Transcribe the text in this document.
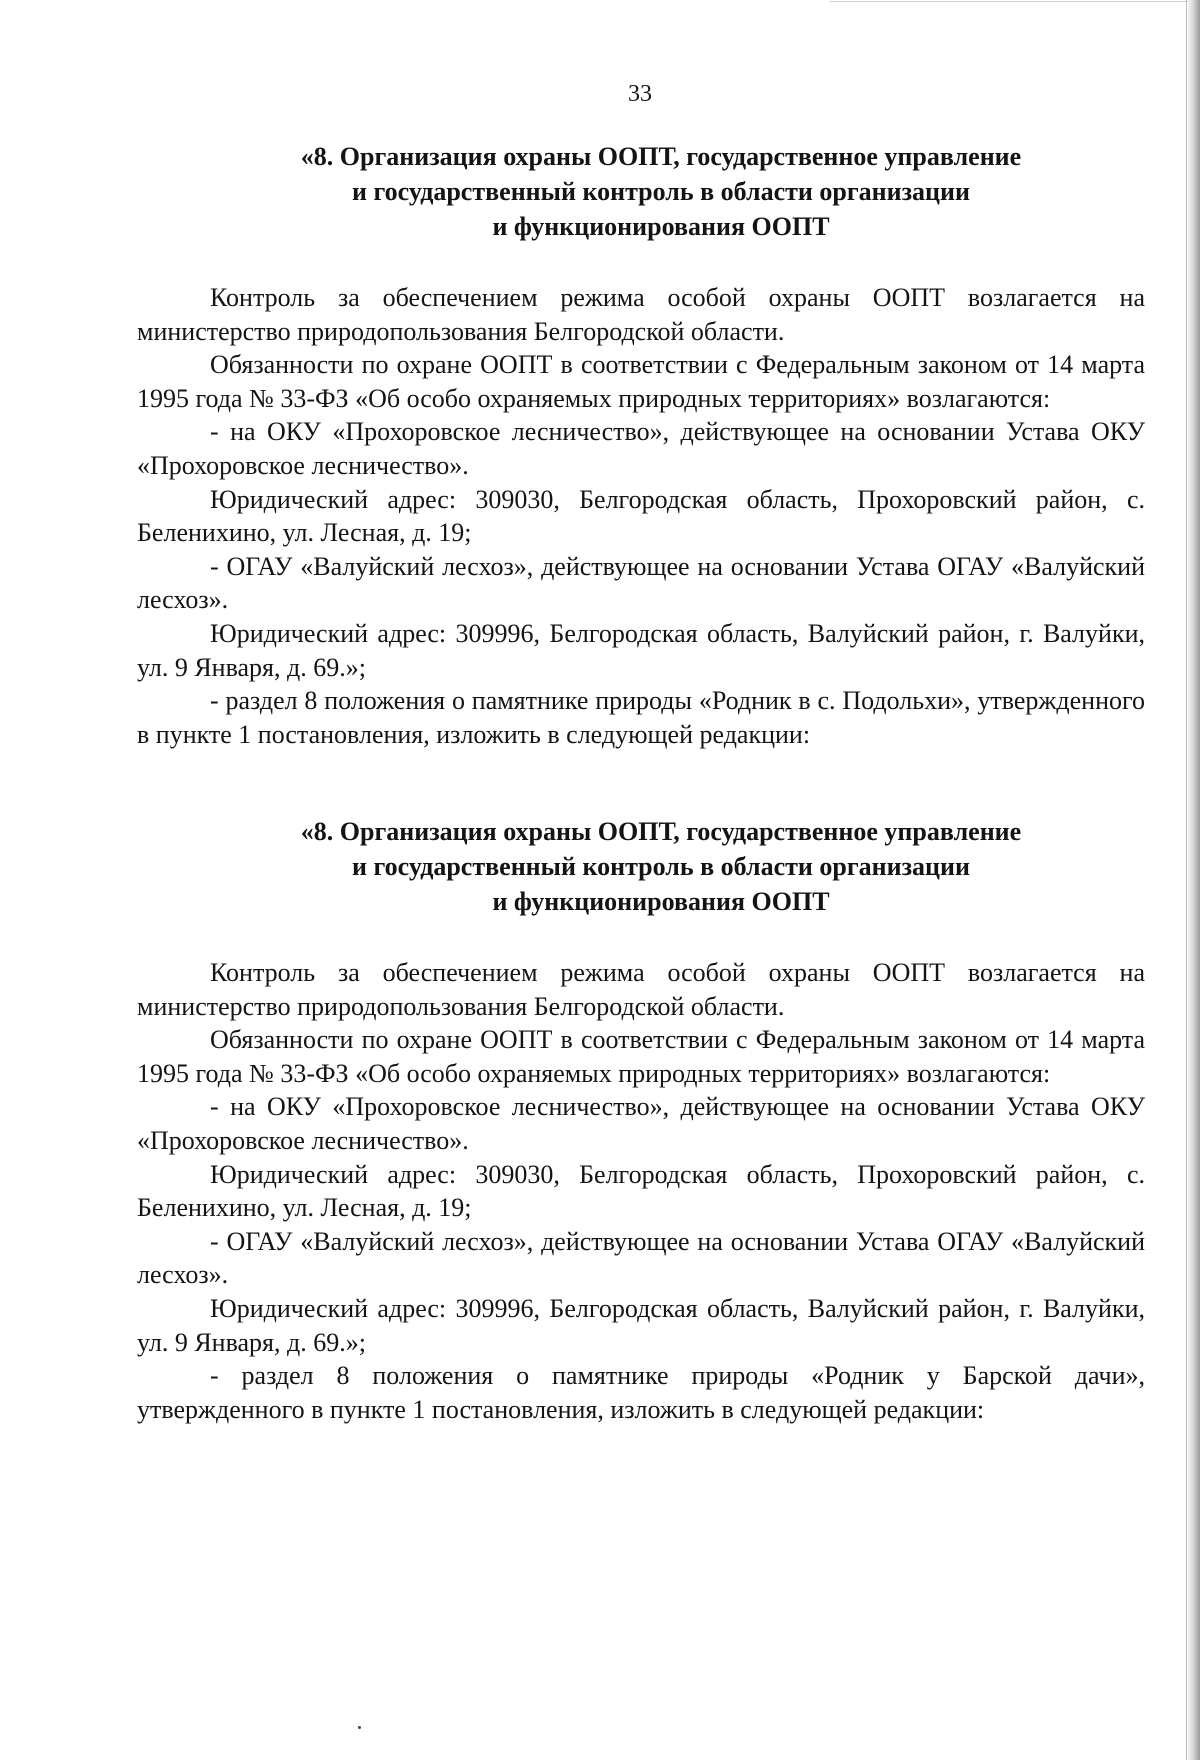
33
«8. Организация охраны ООПТ, государственное управление
и государственный контроль в области организации
и функционирования ООПТ

Контроль за обеспечением режима особой охраны ООПТ возлагается на министерство природопользования Белгородской области.

Обязанности по охране ООПТ в соответствии с Федеральным законом от 14 марта 1995 года № 33-ФЗ «Об особо охраняемых природных территориях» возлагаются:

- на ОКУ «Прохоровское лесничество», действующее на основании Устава ОКУ «Прохоровское лесничество».

Юридический адрес: 309030, Белгородская область, Прохоровский район, с. Беленихино, ул. Лесная, д. 19;

- ОГАУ «Валуйский лесхоз», действующее на основании Устава ОГАУ «Валуйский лесхоз».

Юридический адрес: 309996, Белгородская область, Валуйский район, г. Валуйки, ул. 9 Января, д. 69.»;

- раздел 8 положения о памятнике природы «Родник в с. Подольхи», утвержденного в пункте 1 постановления, изложить в следующей редакции:

«8. Организация охраны ООПТ, государственное управление
и государственный контроль в области организации
и функционирования ООПТ

Контроль за обеспечением режима особой охраны ООПТ возлагается на министерство природопользования Белгородской области.

Обязанности по охране ООПТ в соответствии с Федеральным законом от 14 марта 1995 года № 33-ФЗ «Об особо охраняемых природных территориях» возлагаются:

- на ОКУ «Прохоровское лесничество», действующее на основании Устава ОКУ «Прохоровское лесничество».

Юридический адрес: 309030, Белгородская область, Прохоровский район, с. Беленихино, ул. Лесная, д. 19;

- ОГАУ «Валуйский лесхоз», действующее на основании Устава ОГАУ «Валуйский лесхоз».

Юридический адрес: 309996, Белгородская область, Валуйский район, г. Валуйки, ул. 9 Января, д. 69.»;

- раздел 8 положения о памятнике природы «Родник у Барской дачи», утвержденного в пункте 1 постановления, изложить в следующей редакции:
